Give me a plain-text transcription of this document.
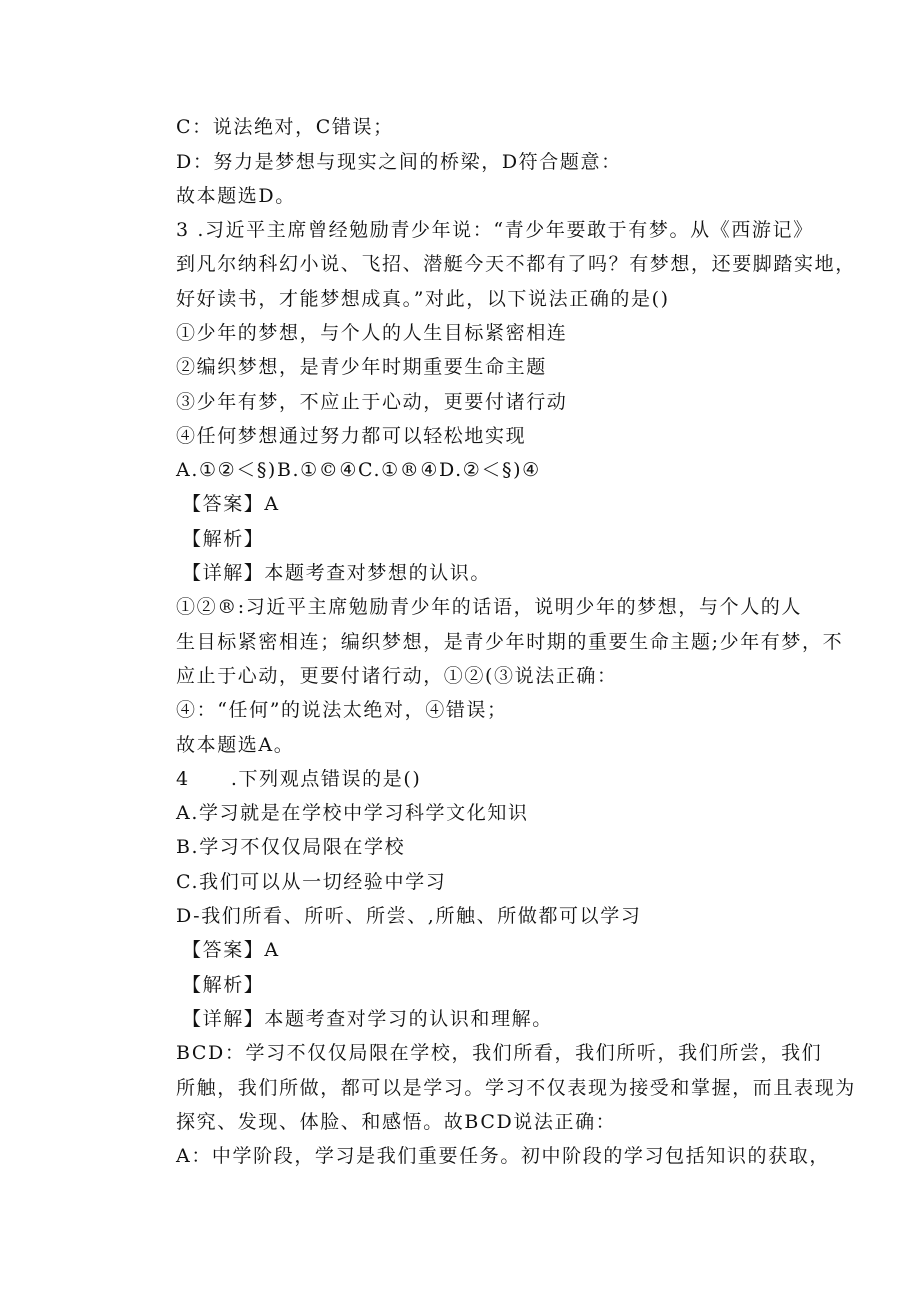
C：说法绝对，C错误；
D：努力是梦想与现实之间的桥梁，D符合题意：
故本题选D。
3 .习近平主席曾经勉励青少年说：“青少年要敢于有梦。从《西游记》
到凡尔纳科幻小说、飞招、潜艇今天不都有了吗？有梦想，还要脚踏实地，
好好读书，才能梦想成真。”对此，以下说法正确的是()
①少年的梦想，与个人的人生目标紧密相连
②编织梦想，是青少年时期重要生命主题
③少年有梦，不应止于心动，更要付诸行动
④任何梦想通过努力都可以轻松地实现
A.①②＜§)B.①©④C.①®④D.②＜§)④
【答案】A
【解析】
【详解】本题考查对梦想的认识。
①②®:习近平主席勉励青少年的话语，说明少年的梦想，与个人的人
生目标紧密相连；编织梦想，是青少年时期的重要生命主题;少年有梦，不
应止于心动，更要付诸行动，①②(③说法正确：
④：“任何”的说法太绝对，④错误；
故本题选A。
4　　.下列观点错误的是()
A.学习就是在学校中学习科学文化知识
B.学习不仅仅局限在学校
C.我们可以从一切经验中学习
D-我们所看、所听、所尝、,所触、所做都可以学习
【答案】A
【解析】
【详解】本题考查对学习的认识和理解。
BCD：学习不仅仅局限在学校，我们所看，我们所听，我们所尝，我们
所触，我们所做，都可以是学习。学习不仅表现为接受和掌握，而且表现为
探究、发现、体脸、和感悟。故BCD说法正确：
A：中学阶段，学习是我们重要任务。初中阶段的学习包括知识的获取，
